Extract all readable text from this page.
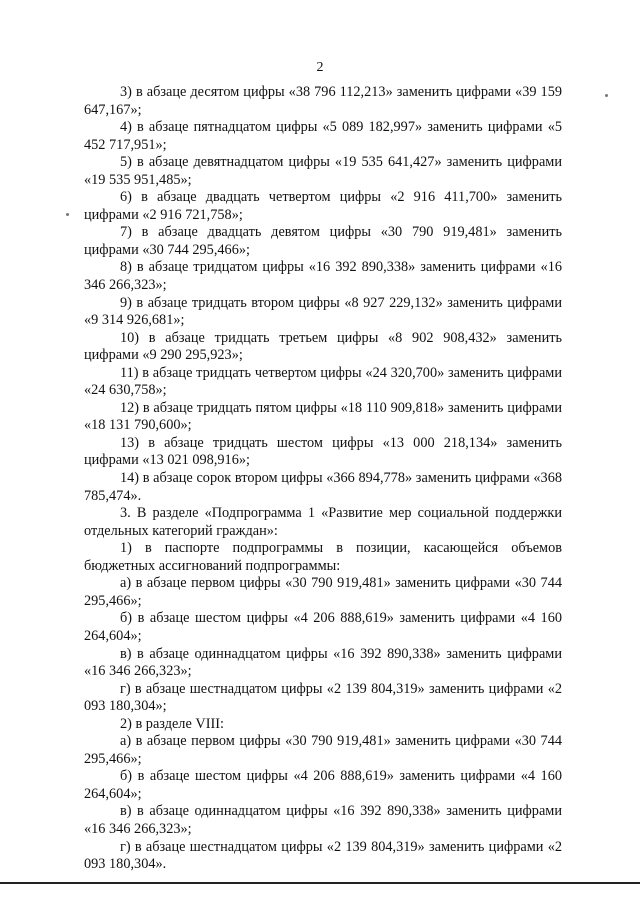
2

3) в абзаце десятом цифры «38 796 112,213» заменить цифрами «39 159 647,167»;

4) в абзаце пятнадцатом цифры «5 089 182,997» заменить цифрами «5 452 717,951»;

5) в абзаце девятнадцатом цифры «19 535 641,427» заменить цифрами «19 535 951,485»;

6) в абзаце двадцать четвертом цифры «2 916 411,700» заменить цифрами «2 916 721,758»;

7) в абзаце двадцать девятом цифры «30 790 919,481» заменить цифрами «30 744 295,466»;

8) в абзаце тридцатом цифры «16 392 890,338» заменить цифрами «16 346 266,323»;

9) в абзаце тридцать втором цифры «8 927 229,132» заменить цифрами «9 314 926,681»;

10) в абзаце тридцать третьем цифры «8 902 908,432» заменить цифрами «9 290 295,923»;

11) в абзаце тридцать четвертом цифры «24 320,700» заменить цифрами «24 630,758»;

12) в абзаце тридцать пятом цифры «18 110 909,818» заменить цифрами «18 131 790,600»;

13) в абзаце тридцать шестом цифры «13 000 218,134» заменить цифрами «13 021 098,916»;

14) в абзаце сорок втором цифры «366 894,778» заменить цифрами «368 785,474».

3. В разделе «Подпрограмма 1 «Развитие мер социальной поддержки отдельных категорий граждан»:

1) в паспорте подпрограммы в позиции, касающейся объемов бюджетных ассигнований подпрограммы:

а) в абзаце первом цифры «30 790 919,481» заменить цифрами «30 744 295,466»;

б) в абзаце шестом цифры «4 206 888,619» заменить цифрами «4 160 264,604»;

в) в абзаце одиннадцатом цифры «16 392 890,338» заменить цифрами «16 346 266,323»;

г) в абзаце шестнадцатом цифры «2 139 804,319» заменить цифрами «2 093 180,304»;

2) в разделе VIII:

а) в абзаце первом цифры «30 790 919,481» заменить цифрами «30 744 295,466»;

б) в абзаце шестом цифры «4 206 888,619» заменить цифрами «4 160 264,604»;

в) в абзаце одиннадцатом цифры «16 392 890,338» заменить цифрами «16 346 266,323»;

г) в абзаце шестнадцатом цифры «2 139 804,319» заменить цифрами «2 093 180,304».
